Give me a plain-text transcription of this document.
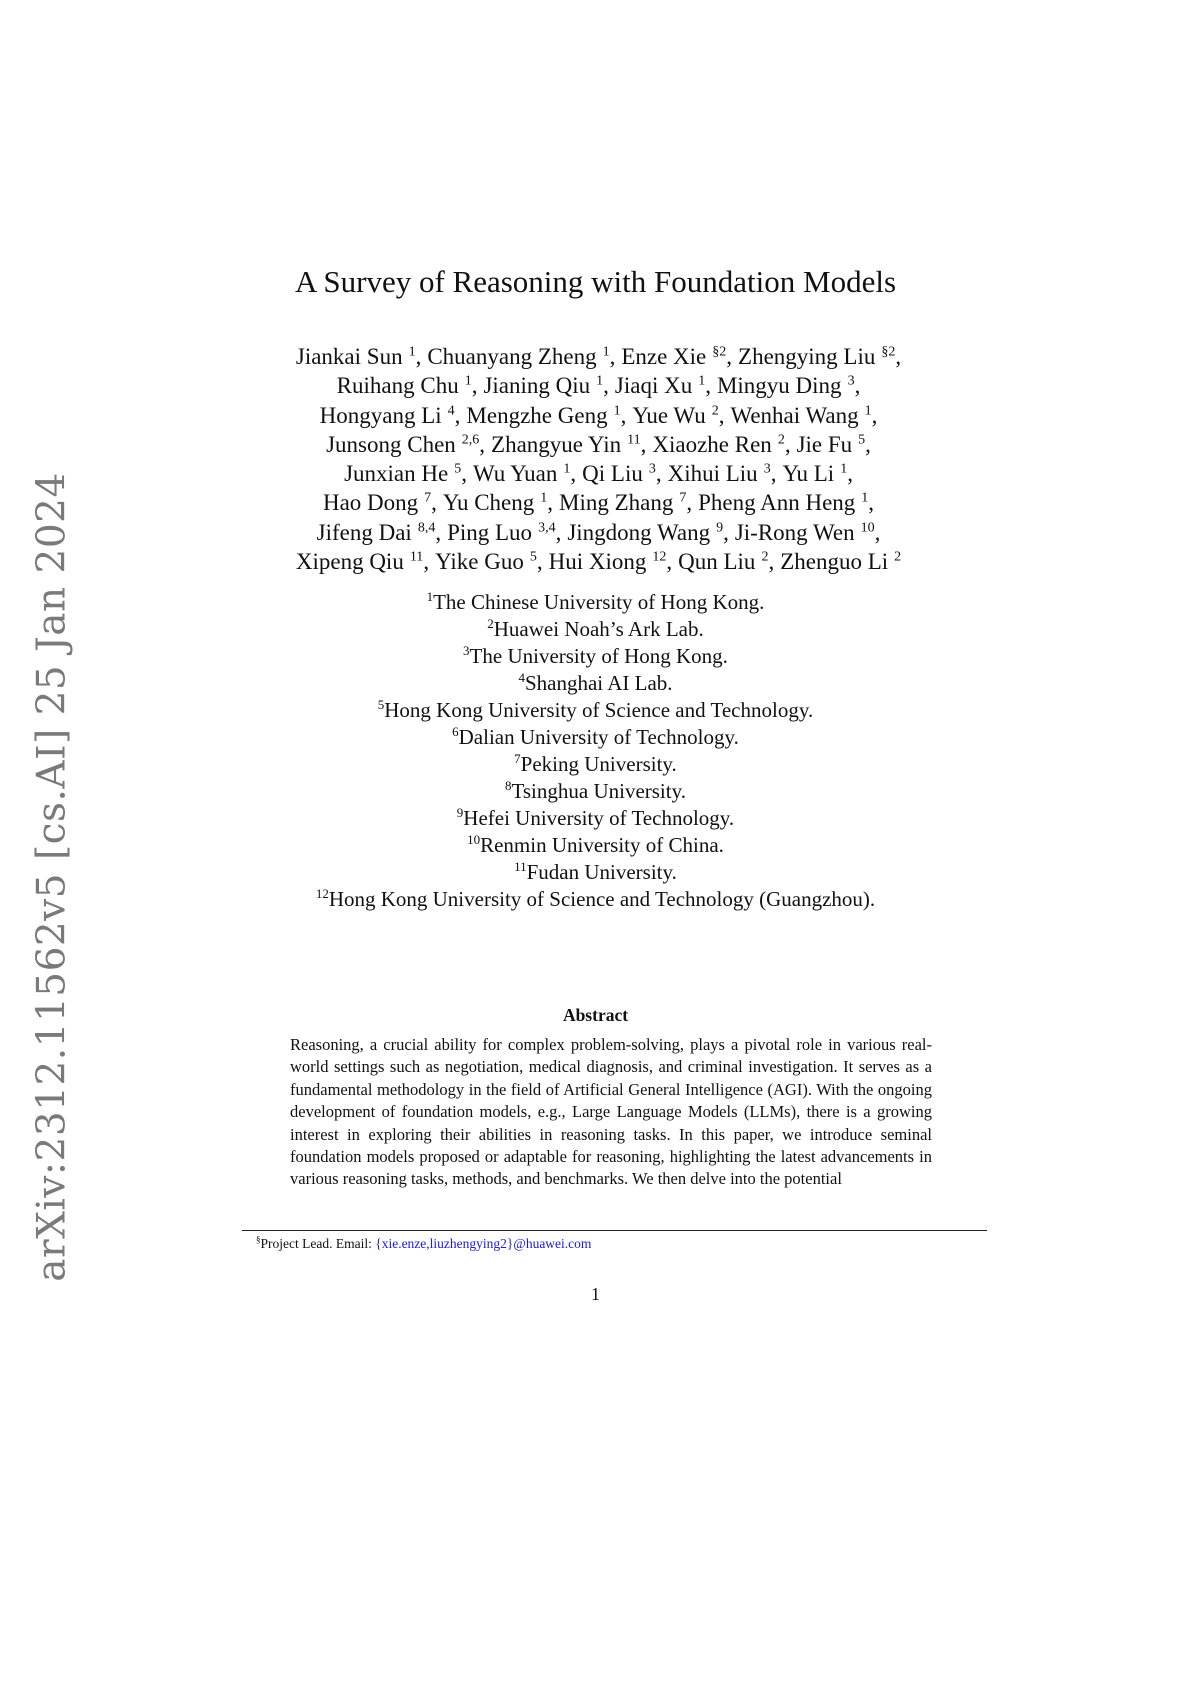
arXiv:2312.11562v5 [cs.AI] 25 Jan 2024
A Survey of Reasoning with Foundation Models
Jiankai Sun $^1$, Chuanyang Zheng $^1$, Enze Xie $^{\S 2}$, Zhengying Liu $^{\S 2}$,
Ruihang Chu $^1$, Jianing Qiu $^1$, Jiaqi Xu $^1$, Mingyu Ding $^3$,
Hongyang Li $^4$, Mengzhe Geng $^1$, Yue Wu $^2$, Wenhai Wang $^1$,
Junsong Chen $^{2,6}$, Zhangyue Yin $^{11}$, Xiaozhe Ren $^2$, Jie Fu $^5$,
Junxian He $^5$, Wu Yuan $^1$, Qi Liu $^3$, Xihui Liu $^3$, Yu Li $^1$,
Hao Dong $^7$, Yu Cheng $^1$, Ming Zhang $^7$, Pheng Ann Heng $^1$,
Jifeng Dai $^{8,4}$, Ping Luo $^{3,4}$, Jingdong Wang $^9$, Ji-Rong Wen $^{10}$,
Xipeng Qiu $^{11}$, Yike Guo $^5$, Hui Xiong $^{12}$, Qun Liu $^2$, Zhenguo Li $^2$
$^1$The Chinese University of Hong Kong.
$^2$Huawei Noah’s Ark Lab.
$^3$The University of Hong Kong.
$^4$Shanghai AI Lab.
$^5$Hong Kong University of Science and Technology.
$^6$Dalian University of Technology.
$^7$Peking University.
$^8$Tsinghua University.
$^9$Hefei University of Technology.
$^{10}$Renmin University of China.
$^{11}$Fudan University.
$^{12}$Hong Kong University of Science and Technology (Guangzhou).
Abstract
Reasoning, a crucial ability for complex problem-solving, plays a pivotal role in various real-world settings such as negotiation, medical diagnosis, and criminal investigation. It serves as a fundamental methodology in the field of Artificial General Intelligence (AGI). With the ongoing development of foundation models, e.g., Large Language Models (LLMs), there is a growing interest in exploring their abilities in reasoning tasks. In this paper, we introduce seminal foundation models proposed or adaptable for reasoning, highlighting the latest advancements in various reasoning tasks, methods, and benchmarks. We then delve into the potential
§Project Lead. Email: {xie.enze,liuzhengying2}@huawei.com
1
